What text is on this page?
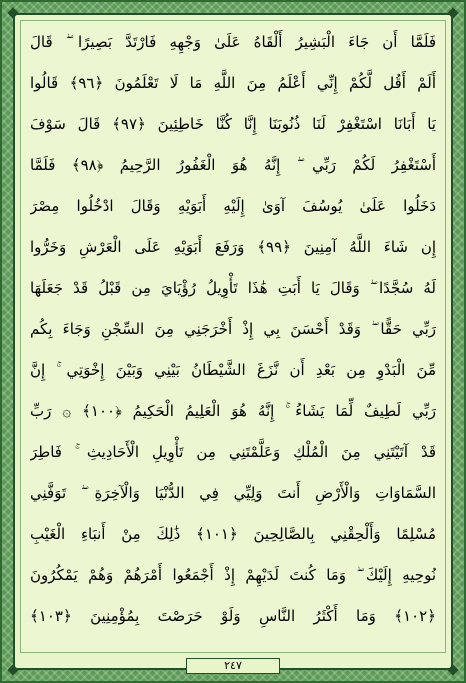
فَلَمَّا أَن جَاءَ الْبَشِيرُ أَلْقَاهُ عَلَىٰ وَجْهِهِ فَارْتَدَّ بَصِيرًا ۖ قَالَ
أَلَمْ أَقُل لَّكُمْ إِنِّي أَعْلَمُ مِنَ اللَّهِ مَا لَا تَعْلَمُونَ ﴿٩٦﴾ قَالُوا
يَا أَبَانَا اسْتَغْفِرْ لَنَا ذُنُوبَنَا إِنَّا كُنَّا خَاطِئِينَ ﴿٩٧﴾ قَالَ سَوْفَ
أَسْتَغْفِرُ لَكُمْ رَبِّي ۖ إِنَّهُ هُوَ الْغَفُورُ الرَّحِيمُ ﴿٩٨﴾ فَلَمَّا
دَخَلُوا عَلَىٰ يُوسُفَ آوَىٰ إِلَيْهِ أَبَوَيْهِ وَقَالَ ادْخُلُوا مِصْرَ
إِن شَاءَ اللَّهُ آمِنِينَ ﴿٩٩﴾ وَرَفَعَ أَبَوَيْهِ عَلَى الْعَرْشِ وَخَرُّوا
لَهُ سُجَّدًا ۖ وَقَالَ يَا أَبَتِ هَٰذَا تَأْوِيلُ رُؤْيَايَ مِن قَبْلُ قَدْ جَعَلَهَا
رَبِّي حَقًّا ۖ وَقَدْ أَحْسَنَ بِي إِذْ أَخْرَجَنِي مِنَ السِّجْنِ وَجَاءَ بِكُم
مِّنَ الْبَدْوِ مِن بَعْدِ أَن نَّزَغَ الشَّيْطَانُ بَيْنِي وَبَيْنَ إِخْوَتِي ۚ إِنَّ
رَبِّي لَطِيفٌ لِّمَا يَشَاءُ ۚ إِنَّهُ هُوَ الْعَلِيمُ الْحَكِيمُ ﴿١٠٠﴾ ۞ رَبِّ
قَدْ آتَيْتَنِي مِنَ الْمُلْكِ وَعَلَّمْتَنِي مِن تَأْوِيلِ الْأَحَادِيثِ ۚ فَاطِرَ
السَّمَاوَاتِ وَالْأَرْضِ أَنتَ وَلِيِّي فِي الدُّنْيَا وَالْآخِرَةِ ۖ تَوَفَّنِي
مُسْلِمًا وَأَلْحِقْنِي بِالصَّالِحِينَ ﴿١٠١﴾ ذَٰلِكَ مِنْ أَنبَاءِ الْغَيْبِ
نُوحِيهِ إِلَيْكَ ۖ وَمَا كُنتَ لَدَيْهِمْ إِذْ أَجْمَعُوا أَمْرَهُمْ وَهُمْ يَمْكُرُونَ
﴿١٠٢﴾ وَمَا أَكْثَرُ النَّاسِ وَلَوْ حَرَصْتَ بِمُؤْمِنِينَ ﴿١٠٣﴾
٢٤٧
